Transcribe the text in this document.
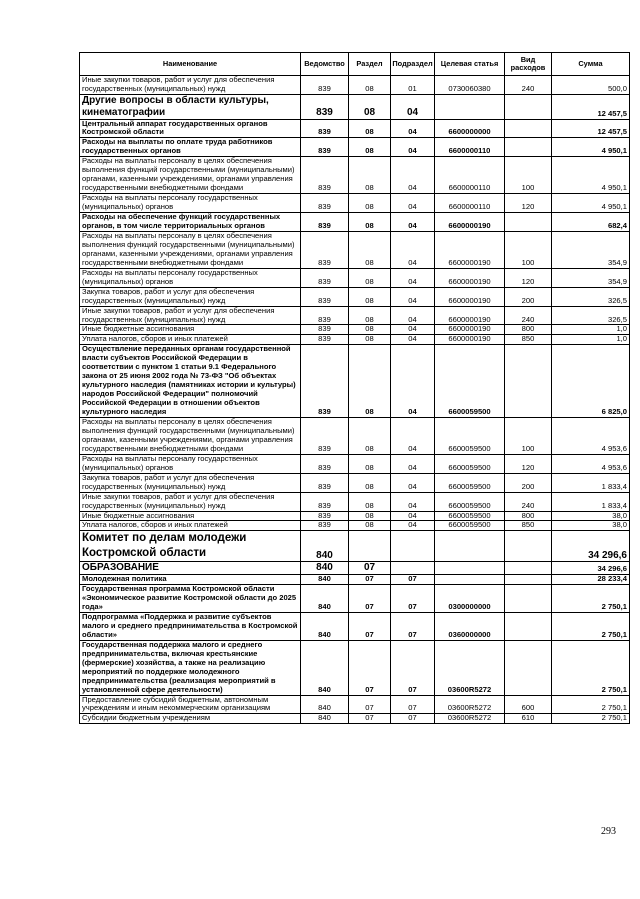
Наименование	Ведомство	Раздел	Подраздел	Целевая статья	Вид расходов	Сумма
Иные закупки товаров, работ и услуг для обеспечения государственных (муниципальных) нужд	839	08	01	0730060380	240	500,0
Другие вопросы в области культуры, кинематографии	839	08	04			12 457,5
Центральный аппарат государственных органов Костромской области	839	08	04	6600000000		12 457,5
Расходы на выплаты по оплате труда работников государственных органов	839	08	04	6600000110		4 950,1
Расходы на выплаты персоналу в целях обеспечения выполнения функций государственными (муниципальными) органами, казенными учреждениями, органами управления государственными внебюджетными фондами	839	08	04	6600000110	100	4 950,1
Расходы на выплаты персоналу государственных (муниципальных) органов	839	08	04	6600000110	120	4 950,1
Расходы на обеспечение функций государственных органов, в том числе территориальных органов	839	08	04	6600000190		682,4
Расходы на выплаты персоналу в целях обеспечения выполнения функций государственными (муниципальными) органами, казенными учреждениями, органами управления государственными внебюджетными фондами	839	08	04	6600000190	100	354,9
Расходы на выплаты персоналу государственных (муниципальных) органов	839	08	04	6600000190	120	354,9
Закупка товаров, работ и услуг для обеспечения государственных (муниципальных) нужд	839	08	04	6600000190	200	326,5
Иные закупки товаров, работ и услуг для обеспечения государственных (муниципальных) нужд	839	08	04	6600000190	240	326,5
Иные бюджетные ассигнования	839	08	04	6600000190	800	1,0
Уплата налогов, сборов и иных платежей	839	08	04	6600000190	850	1,0
Осуществление переданных органам государственной власти субъектов Российской Федерации в соответствии с пунктом 1 статьи 9.1 Федерального закона от 25 июня 2002 года № 73-ФЗ "Об объектах культурного наследия (памятниках истории и культуры) народов Российской Федерации" полномочий Российской Федерации в отношении объектов культурного наследия	839	08	04	6600059500		6 825,0
Расходы на выплаты персоналу в целях обеспечения выполнения функций государственными (муниципальными) органами, казенными учреждениями, органами управления государственными внебюджетными фондами	839	08	04	6600059500	100	4 953,6
Расходы на выплаты персоналу государственных (муниципальных) органов	839	08	04	6600059500	120	4 953,6
Закупка товаров, работ и услуг для обеспечения государственных (муниципальных) нужд	839	08	04	6600059500	200	1 833,4
Иные закупки товаров, работ и услуг для обеспечения государственных (муниципальных) нужд	839	08	04	6600059500	240	1 833,4
Иные бюджетные ассигнования	839	08	04	6600059500	800	38,0
Уплата налогов, сборов и иных платежей	839	08	04	6600059500	850	38,0
Комитет по делам молодежи Костромской области	840					34 296,6
ОБРАЗОВАНИЕ	840	07				34 296,6
Молодежная политика	840	07	07			28 233,4
Государственная программа Костромской области «Экономическое развитие Костромской области до 2025 года»	840	07	07	0300000000		2 750,1
Подпрограмма «Поддержка и развитие субъектов малого и среднего предпринимательства в Костромской области»	840	07	07	0360000000		2 750,1
Государственная поддержка малого и среднего предпринимательства, включая крестьянские (фермерские) хозяйства, а также на реализацию мероприятий по поддержке молодежного предпринимательства (реализация мероприятий в установленной сфере деятельности)	840	07	07	03600R5272		2 750,1
Предоставление субсидий бюджетным, автономным учреждениям и иным некоммерческим организациям	840	07	07	03600R5272	600	2 750,1
Субсидии бюджетным учреждениям	840	07	07	03600R5272	610	2 750,1
293
